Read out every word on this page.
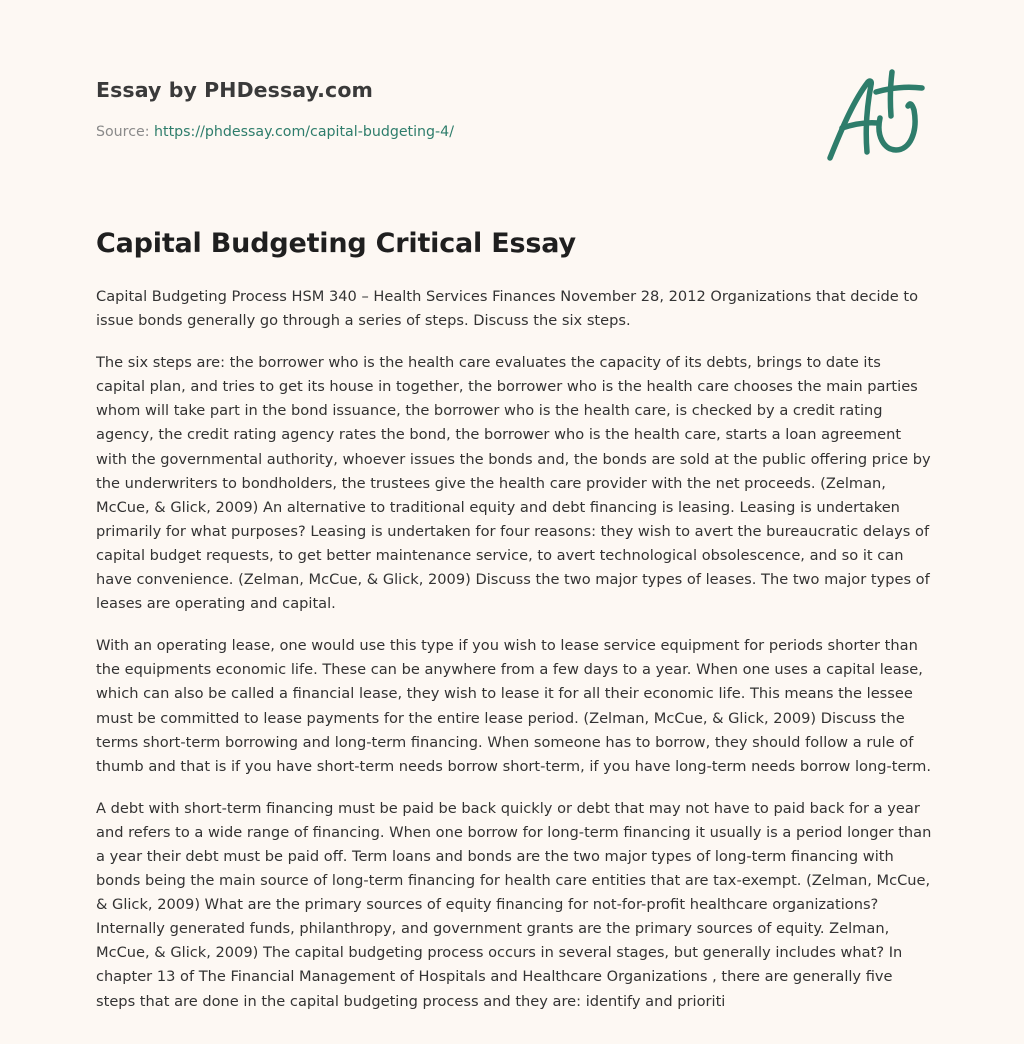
Essay by PHDessay.com
Source: https://phdessay.com/capital-budgeting-4/
Capital Budgeting Critical Essay

Capital Budgeting Process HSM 340 – Health Services Finances November 28, 2012 Organizations that decide to issue bonds generally go through a series of steps. Discuss the six steps.

The six steps are: the borrower who is the health care evaluates the capacity of its debts, brings to date its capital plan, and tries to get its house in together, the borrower who is the health care chooses the main parties whom will take part in the bond issuance, the borrower who is the health care, is checked by a credit rating agency, the credit rating agency rates the bond, the borrower who is the health care, starts a loan agreement with the governmental authority, whoever issues the bonds and, the bonds are sold at the public offering price by the underwriters to bondholders, the trustees give the health care provider with the net proceeds. (Zelman, McCue, & Glick, 2009) An alternative to traditional equity and debt financing is leasing. Leasing is undertaken primarily for what purposes? Leasing is undertaken for four reasons: they wish to avert the bureaucratic delays of capital budget requests, to get better maintenance service, to avert technological obsolescence, and so it can have convenience. (Zelman, McCue, & Glick, 2009) Discuss the two major types of leases. The two major types of leases are operating and capital.

With an operating lease, one would use this type if you wish to lease service equipment for periods shorter than the equipments economic life. These can be anywhere from a few days to a year. When one uses a capital lease, which can also be called a financial lease, they wish to lease it for all their economic life. This means the lessee must be committed to lease payments for the entire lease period. (Zelman, McCue, & Glick, 2009) Discuss the terms short-term borrowing and long-term financing. When someone has to borrow, they should follow a rule of thumb and that is if you have short-term needs borrow short-term, if you have long-term needs borrow long-term.

A debt with short-term financing must be paid be back quickly or debt that may not have to paid back for a year and refers to a wide range of financing. When one borrow for long-term financing it usually is a period longer than a year their debt must be paid off. Term loans and bonds are the two major types of long-term financing with bonds being the main source of long-term financing for health care entities that are tax-exempt. (Zelman, McCue, & Glick, 2009) What are the primary sources of equity financing for not-for-profit healthcare organizations? Internally generated funds, philanthropy, and government grants are the primary sources of equity. Zelman, McCue, & Glick, 2009) The capital budgeting process occurs in several stages, but generally includes what? In chapter 13 of The Financial Management of Hospitals and Healthcare Organizations , there are generally five steps that are done in the capital budgeting process and they are: identify and prioriti
